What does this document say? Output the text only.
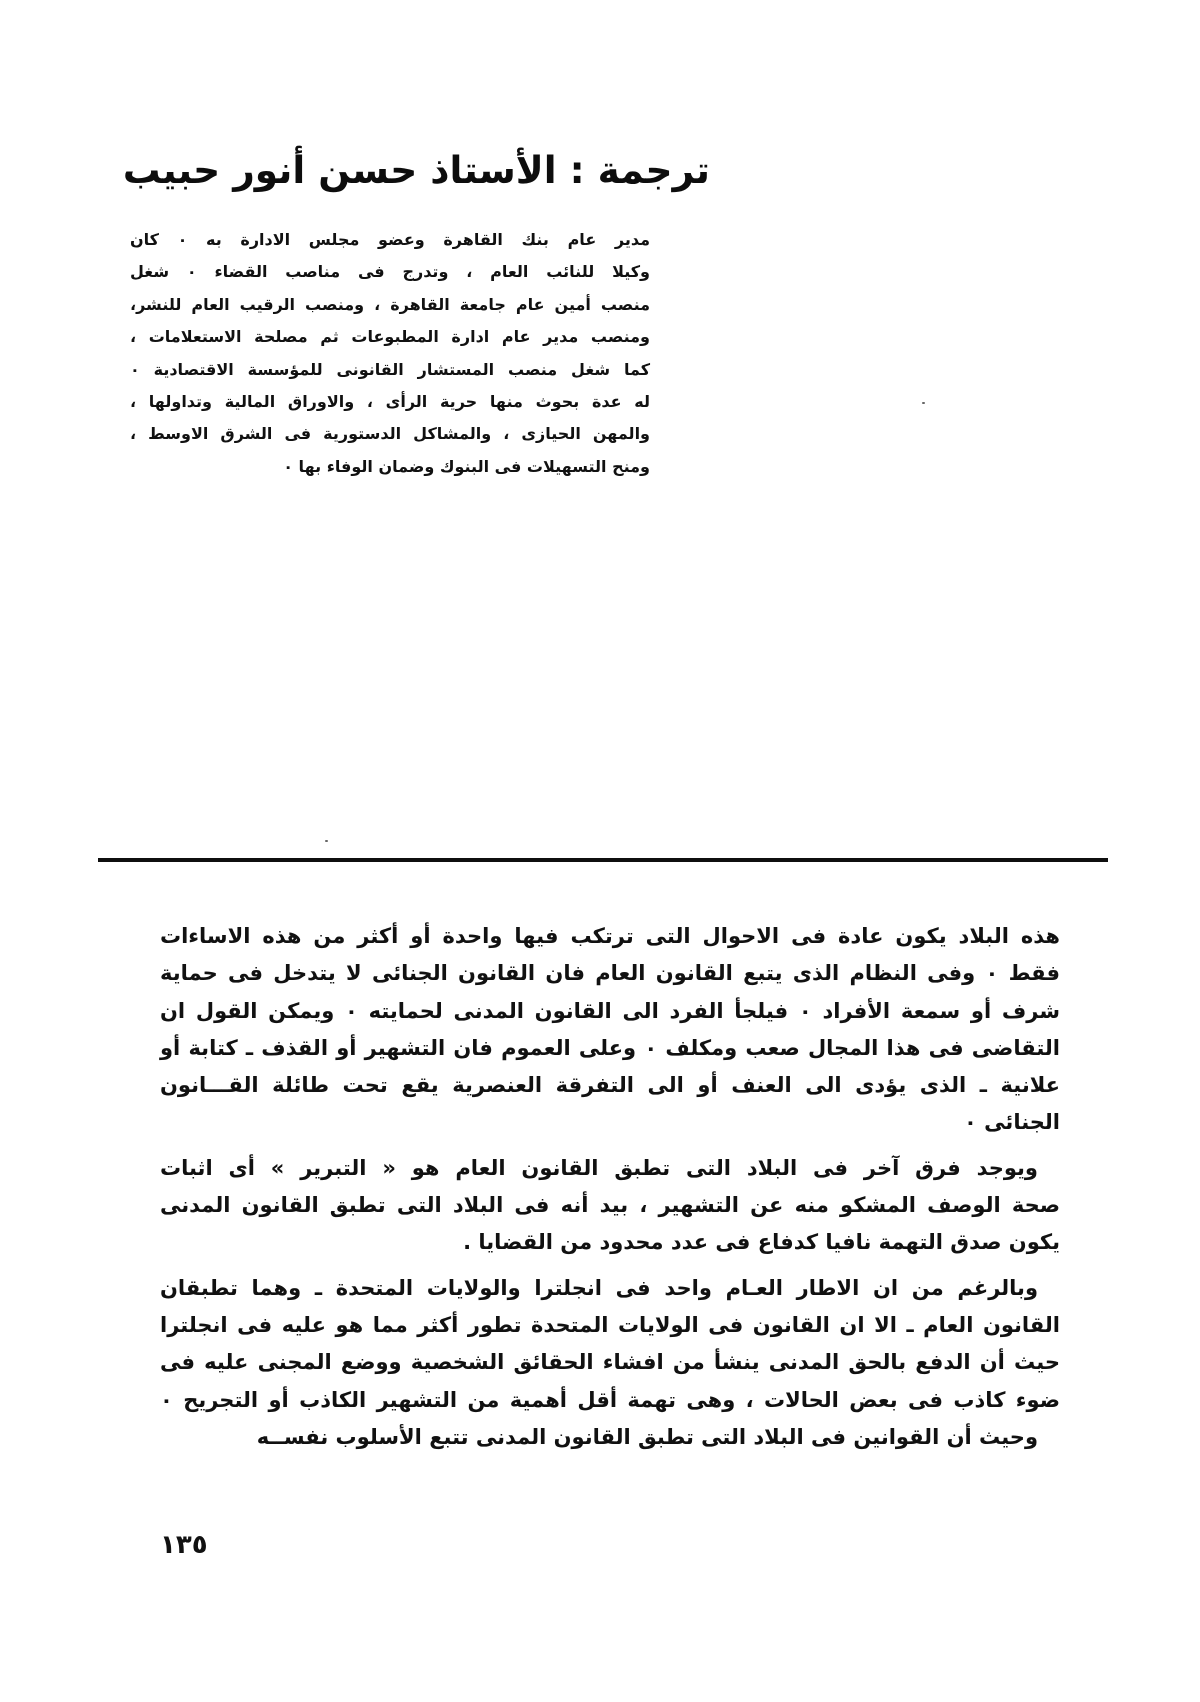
ترجمة : الأستاذ حسن أنور حبيب
مدير عام بنك القاهرة وعضو مجلس الادارة به ٠ كان
وكيلا للنائب العام ، وتدرج فى مناصب القضاء ٠ شغل
منصب أمين عام جامعة القاهرة ، ومنصب الرقيب العام للنشر،
ومنصب مدير عام ادارة المطبوعات ثم مصلحة الاستعلامات ،
كما شغل منصب المستشار القانونى للمؤسسة الاقتصادية ٠
له عدة بحوث منها حرية الرأى ، والاوراق المالية وتداولها ،
والمهن الحيازى ، والمشاكل الدستورية فى الشرق الاوسط ،
ومنح التسهيلات فى البنوك وضمان الوفاء بها ٠

هذه البلاد يكون عادة فى الاحوال التى ترتكب فيها واحدة أو أكثر من هذه الاساءات
فقط ٠ وفى النظام الذى يتبع القانون العام فان القانون الجنائى لا يتدخل فى حماية
شرف أو سمعة الأفراد ٠ فيلجأ الفرد الى القانون المدنى لحمايته ٠ ويمكن القول ان
التقاضى فى هذا المجال صعب ومكلف ٠ وعلى العموم فان التشهير أو القذف ـ كتابة أو
علانية ـ الذى يؤدى الى العنف أو الى التفرقة العنصرية يقع تحت طائلة القـــانون
الجنائى ٠

ويوجد فرق آخر فى البلاد التى تطبق القانون العام هو « التبرير » أى اثبات
صحة الوصف المشكو منه عن التشهير ، بيد أنه فى البلاد التى تطبق القانون المدنى
يكون صدق التهمة نافيا كدفاع فى عدد محدود من القضايا .

وبالرغم من ان الاطار العـام واحد فى انجلترا والولايات المتحدة ـ وهما تطبقان
القانون العام ـ الا ان القانون فى الولايات المتحدة تطور أكثر مما هو عليه فى انجلترا
حيث أن الدفع بالحق المدنى ينشأ من افشاء الحقائق الشخصية ووضع المجنى عليه فى
ضوء كاذب فى بعض الحالات ، وهى تهمة أقل أهمية من التشهير الكاذب أو التجريح ٠
وحيث أن القوانين فى البلاد التى تطبق القانون المدنى تتبع الأسلوب نفســه

١٣٥
